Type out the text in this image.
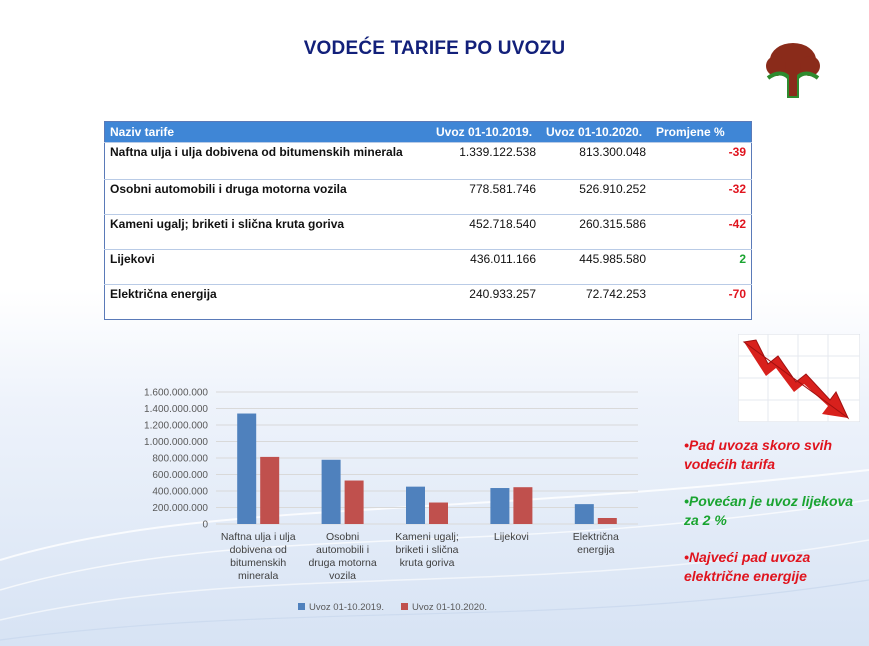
VODEĆE TARIFE PO UVOZU
Naziv tarife	Uvoz 01-10.2019.	Uvoz 01-10.2020.	Promjene %
Naftna ulja i ulja dobivena od bitumenskih minerala	1.339.122.538	813.300.048	-39
Osobni automobili i druga motorna vozila	778.581.746	526.910.252	-32
Kameni ugalj; briketi i slična kruta goriva	452.718.540	260.315.586	-42
Lijekovi	436.011.166	445.985.580	2
Električna energija	240.933.257	72.742.253	-70
0
200.000.000
400.000.000
600.000.000
800.000.000
1.000.000.000
1.200.000.000
1.400.000.000
1.600.000.000
Naftna ulja i ulja dobivena od bitumenskih minerala
Osobni automobili i druga motorna vozila
Kameni ugalj; briketi i slična kruta goriva
Lijekovi	Električna energija
Uvoz 01-10.2019.	Uvoz 01-10.2020.

•Pad uvoza skoro svih vodećih tarifa

•Povećan je uvoz lijekova za 2 %

•Najveći pad uvoza električne energije
